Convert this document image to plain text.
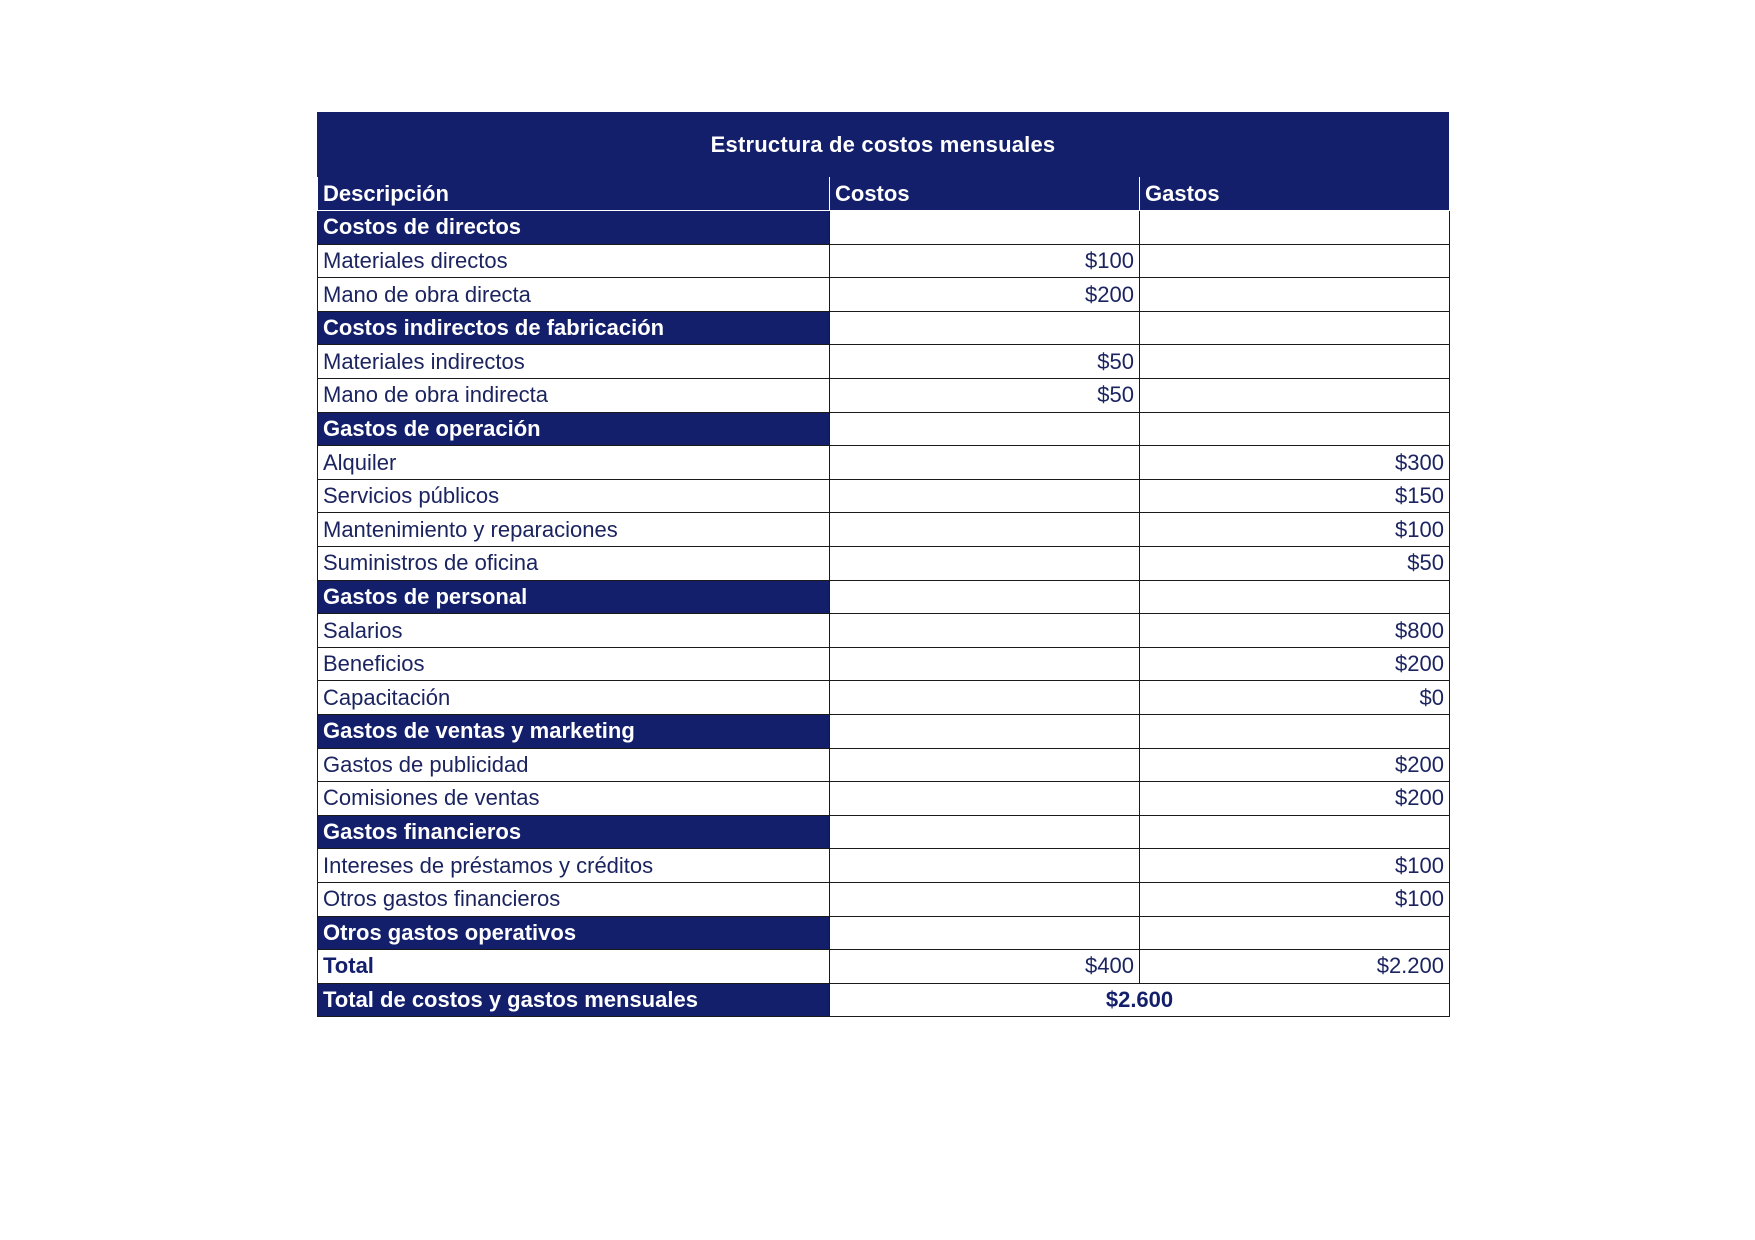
Estructura de costos mensuales
Descripción	Costos	Gastos
Costos de directos		
Materiales directos	$100	
Mano de obra directa	$200	
Costos indirectos de fabricación		
Materiales indirectos	$50	
Mano de obra indirecta	$50	
Gastos de operación		
Alquiler		$300
Servicios públicos		$150
Mantenimiento y reparaciones		$100
Suministros de oficina		$50
Gastos de personal		
Salarios		$800
Beneficios		$200
Capacitación		$0
Gastos de ventas y marketing		
Gastos de publicidad		$200
Comisiones de ventas		$200
Gastos financieros		
Intereses de préstamos y créditos		$100
Otros gastos financieros		$100
Otros gastos operativos		
Total	$400	$2.200
Total de costos y gastos mensuales	$2.600	
